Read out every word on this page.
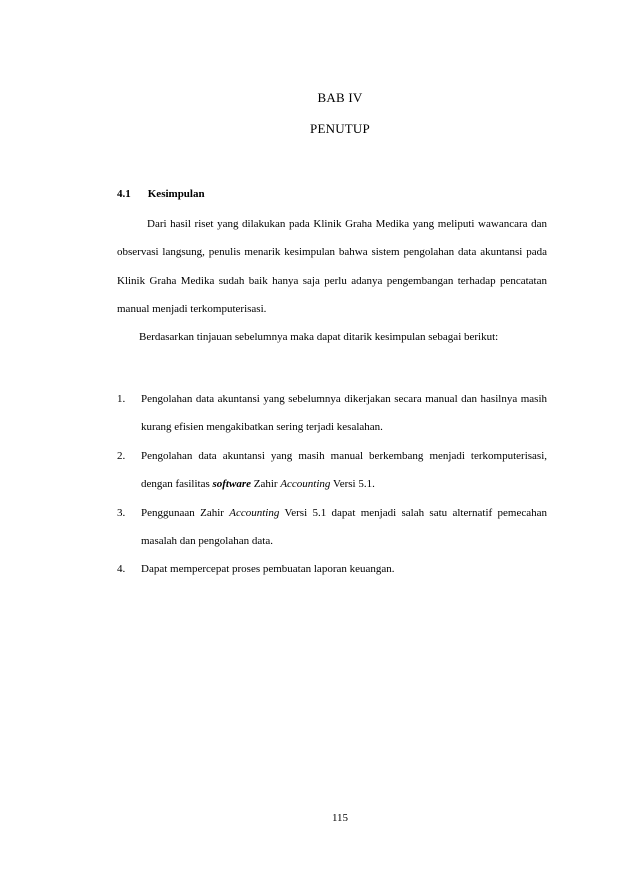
BAB IV
PENUTUP
4.1 Kesimpulan
Dari hasil riset yang dilakukan pada Klinik Graha Medika yang meliputi wawancara dan observasi langsung, penulis menarik kesimpulan bahwa sistem pengolahan data akuntansi pada Klinik Graha Medika sudah baik hanya saja perlu adanya pengembangan terhadap pencatatan manual menjadi terkomputerisasi.
Berdasarkan tinjauan sebelumnya maka dapat ditarik kesimpulan sebagai berikut:
1. Pengolahan data akuntansi yang sebelumnya dikerjakan secara manual dan hasilnya masih kurang efisien mengakibatkan sering terjadi kesalahan.
2. Pengolahan data akuntansi yang masih manual berkembang menjadi terkomputerisasi, dengan fasilitas software Zahir Accounting Versi 5.1.
3. Penggunaan Zahir Accounting Versi 5.1 dapat menjadi salah satu alternatif pemecahan masalah dan pengolahan data.
4. Dapat mempercepat proses pembuatan laporan keuangan.
115
